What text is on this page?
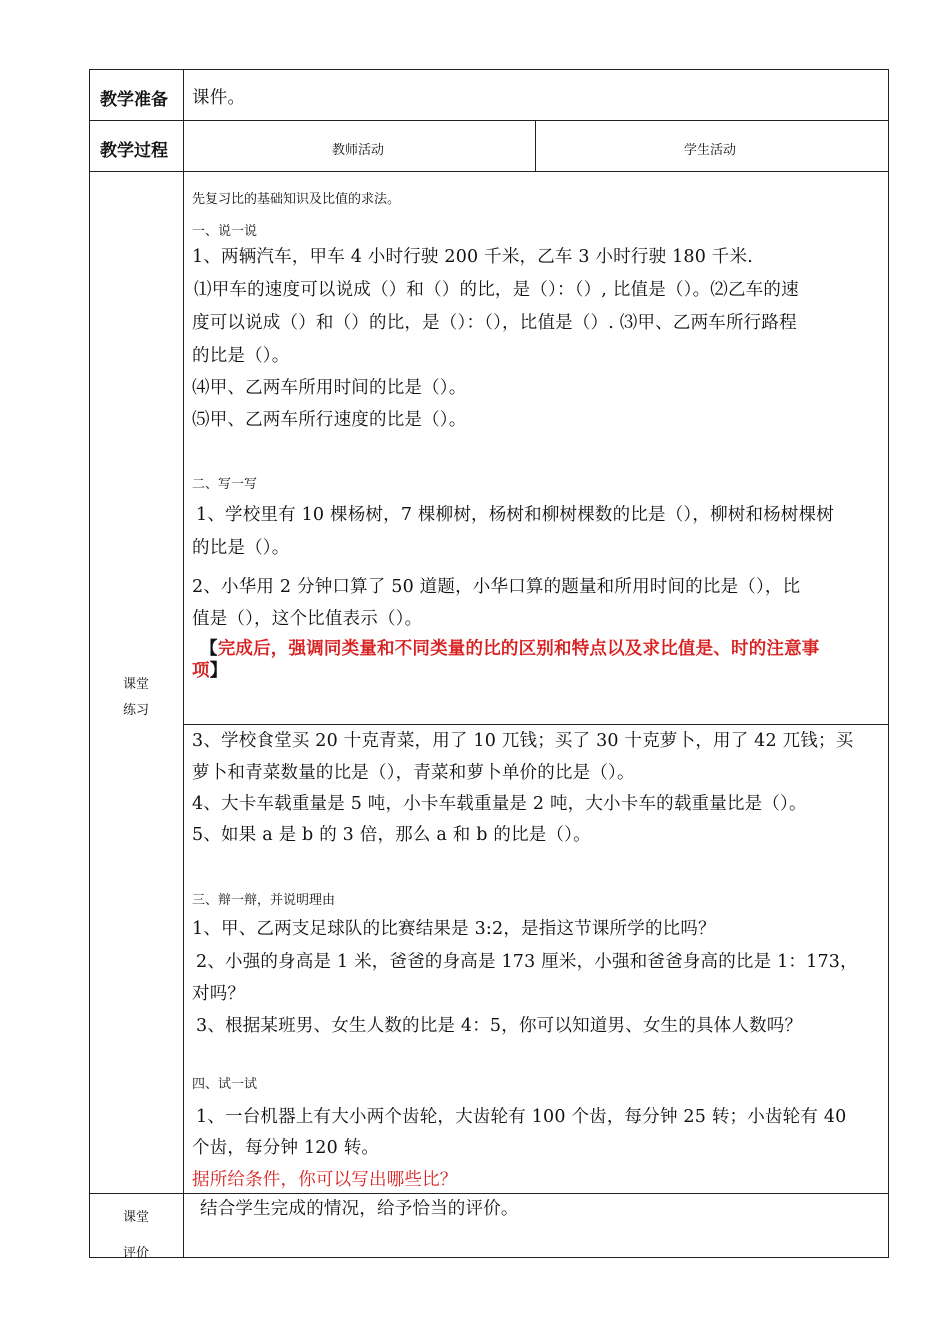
教学准备 课件。
教学过程	教师活动	学生活动
课堂
练习
先复习比的基础知识及比值的求法。
一、说一说
1、两辆汽车，甲车 4 小时行驶 200 千米，乙车 3 小时行驶 180 千米.
⑴甲车的速度可以说成（）和（）的比，是（）：（）, 比值是（）。⑵乙车的速
度可以说成（）和（）的比，是（）：（），比值是（）. ⑶甲、乙两车所行路程
的比是（）。
⑷甲、乙两车所用时间的比是（）。
⑸甲、乙两车所行速度的比是（）。
二、写一写
1、学校里有 10 棵杨树，7 棵柳树，杨树和柳树棵数的比是（），柳树和杨树棵树
的比是（）。
2、小华用 2 分钟口算了 50 道题，小华口算的题量和所用时间的比是（），比
值是（），这个比值表示（）。
【完成后，强调同类量和不同类量的比的区别和特点以及求比值是、时的注意事
项】
3、学校食堂买 20 十克青菜，用了 10 兀钱；买了 30 十克萝卜，用了 42 兀钱；买
萝卜和青菜数量的比是（），青菜和萝卜单价的比是（）。
4、大卡车载重量是 5 吨，小卡车载重量是 2 吨，大小卡车的载重量比是（）。
5、如果 a 是 b 的 3 倍，那么 a 和 b 的比是（）。
三、辩一辩，并说明理由
1、甲、乙两支足球队的比赛结果是 3:2，是指这节课所学的比吗？
2、小强的身高是 1 米，爸爸的身高是 173 厘米，小强和爸爸身高的比是 1：173，
对吗？
3、根据某班男、女生人数的比是 4：5，你可以知道男、女生的具体人数吗？
四、试一试
1、一台机器上有大小两个齿轮，大齿轮有 100 个齿，每分钟 25 转；小齿轮有 40
个齿，每分钟 120 转。
据所给条件，你可以写出哪些比？
课堂
评价
结合学生完成的情况，给予恰当的评价。
